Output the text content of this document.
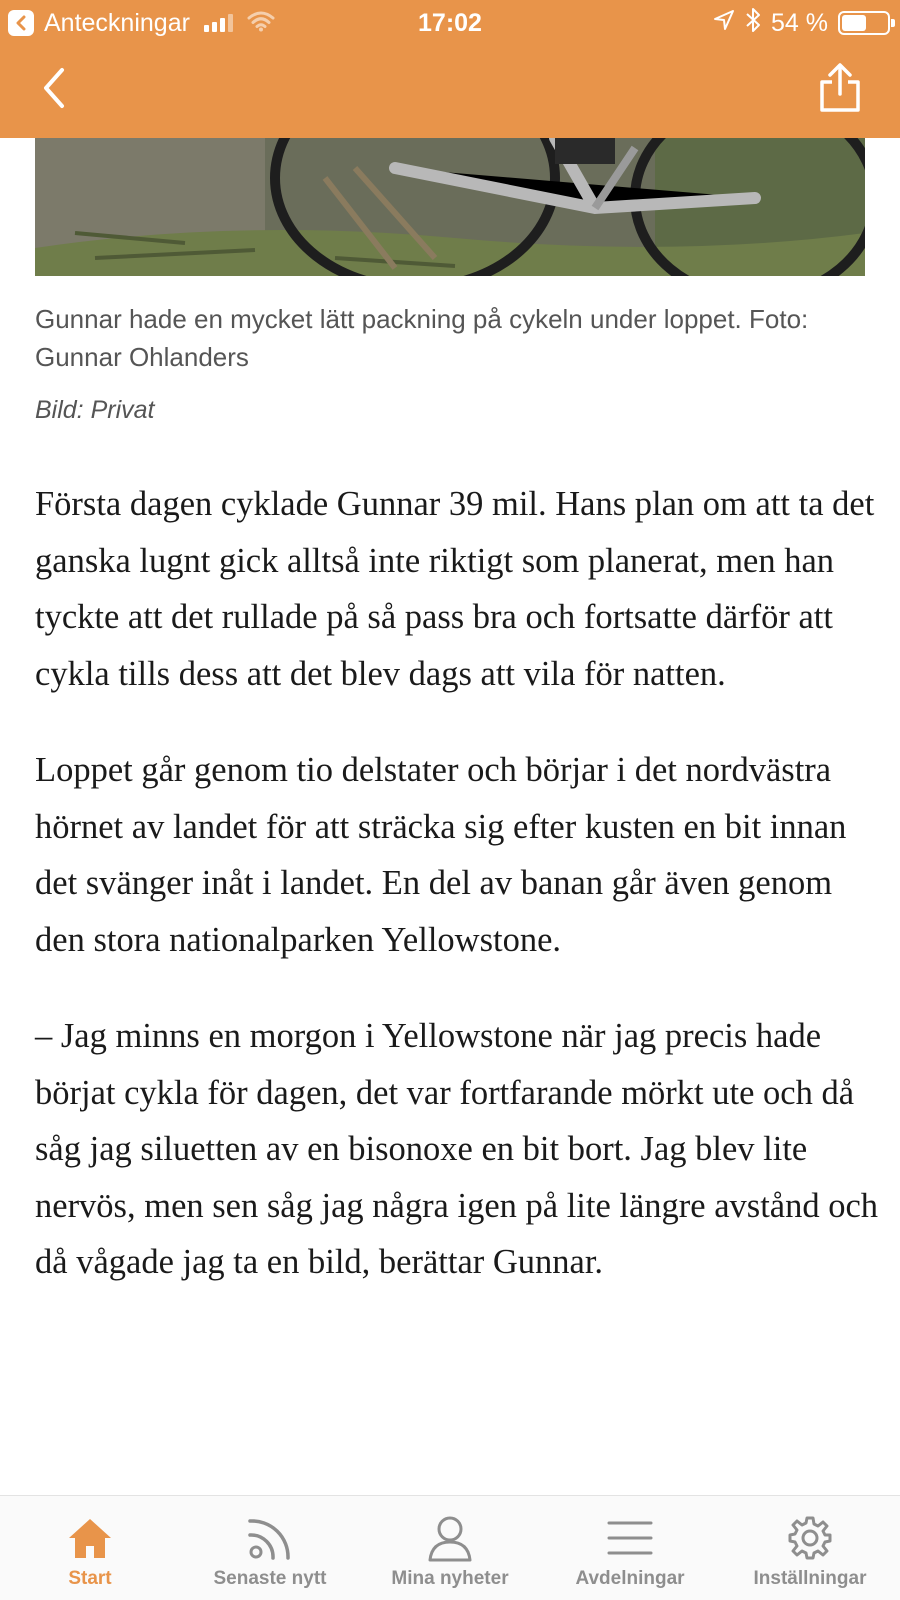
Anteckningar	17:02	54 %
Gunnar hade en mycket lätt packning på cykeln under loppet. Foto: Gunnar Ohlanders
Bild: Privat

Första dagen cyklade Gunnar 39 mil. Hans plan om att ta det ganska lugnt gick alltså inte riktigt som planerat, men han tyckte att det rullade på så pass bra och fortsatte därför att cykla tills dess att det blev dags att vila för natten.

Loppet går genom tio delstater och börjar i det nordvästra hörnet av landet för att sträcka sig efter kusten en bit innan det svänger inåt i landet. En del av banan går även genom den stora nationalparken Yellowstone.

– Jag minns en morgon i Yellowstone när jag precis hade börjat cykla för dagen, det var fortfarande mörkt ute och då såg jag siluetten av en bisonoxe en bit bort. Jag blev lite nervös, men sen såg jag några igen på lite längre avstånd och då vågade jag ta en bild, berättar Gunnar.

Start	Senaste nytt	Mina nyheter	Avdelningar	Inställningar
